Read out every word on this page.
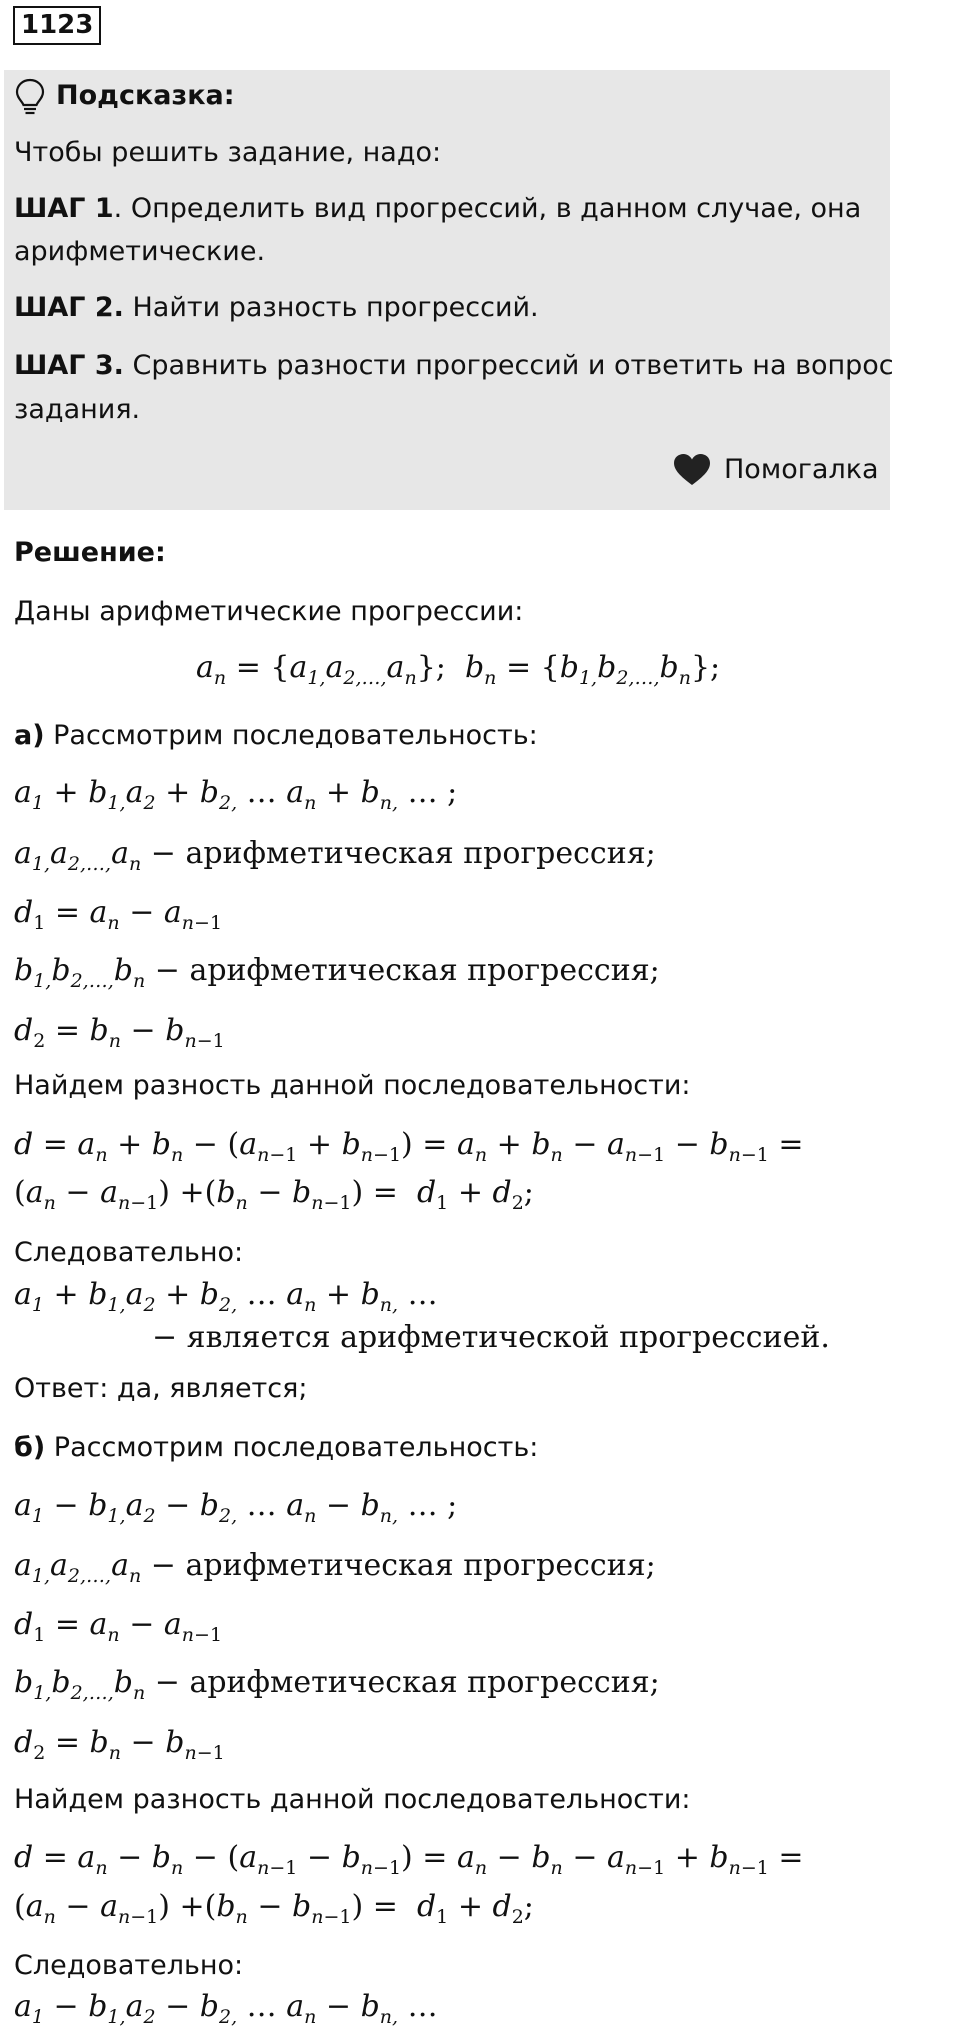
1123
Подсказка:
Чтобы решить задание, надо:
ШАГ 1. Определить вид прогрессий, в данном случае, она
арифметические.
ШАГ 2. Найти разность прогрессий.
ШАГ 3. Сравнить разности прогрессий и ответить на вопрос
задания.
Помогалка
Решение:
Даны арифметические прогрессии:
$a_n = \{a_{1,}a_{2,\dots,}a_n\}$;  $b_n = \{b_{1,}b_{2,\dots,}b_n\}$;
а) Рассмотрим последовательность:
$a_1 + b_{1,}a_2 + b_{2,}$ … $a_n + b_{n,}$ … ;
$a_{1,}a_{2,\dots,}a_n$ − арифметическая прогрессия;
$d_1 = a_n - a_{n-1}$
$b_{1,}b_{2,\dots,}b_n$ − арифметическая прогрессия;
$d_2 = b_n - b_{n-1}$
Найдем разность данной последовательности:
$d = a_n + b_n - (a_{n-1} + b_{n-1}) = a_n + b_n - a_{n-1} - b_{n-1}$ =
$(a_n - a_{n-1}) +(b_n - b_{n-1}) = d_1 + d_2$;
Следовательно:
$a_1 + b_{1,}a_2 + b_{2,}$ … $a_n + b_{n,}$ …
− является арифметической прогрессией.
Ответ: да, является;
б) Рассмотрим последовательность:
$a_1 - b_{1,}a_2 - b_{2,}$ … $a_n - b_{n,}$ … ;
$a_{1,}a_{2,\dots,}a_n$ − арифметическая прогрессия;
$d_1 = a_n - a_{n-1}$
$b_{1,}b_{2,\dots,}b_n$ − арифметическая прогрессия;
$d_2 = b_n - b_{n-1}$
Найдем разность данной последовательности:
$d = a_n - b_n - (a_{n-1} - b_{n-1}) = a_n - b_n - a_{n-1} + b_{n-1}$ =
$(a_n - a_{n-1}) +(b_n - b_{n-1}) = d_1 + d_2$;
Следовательно:
$a_1 - b_{1,}a_2 - b_{2,}$ … $a_n - b_{n,}$ …
